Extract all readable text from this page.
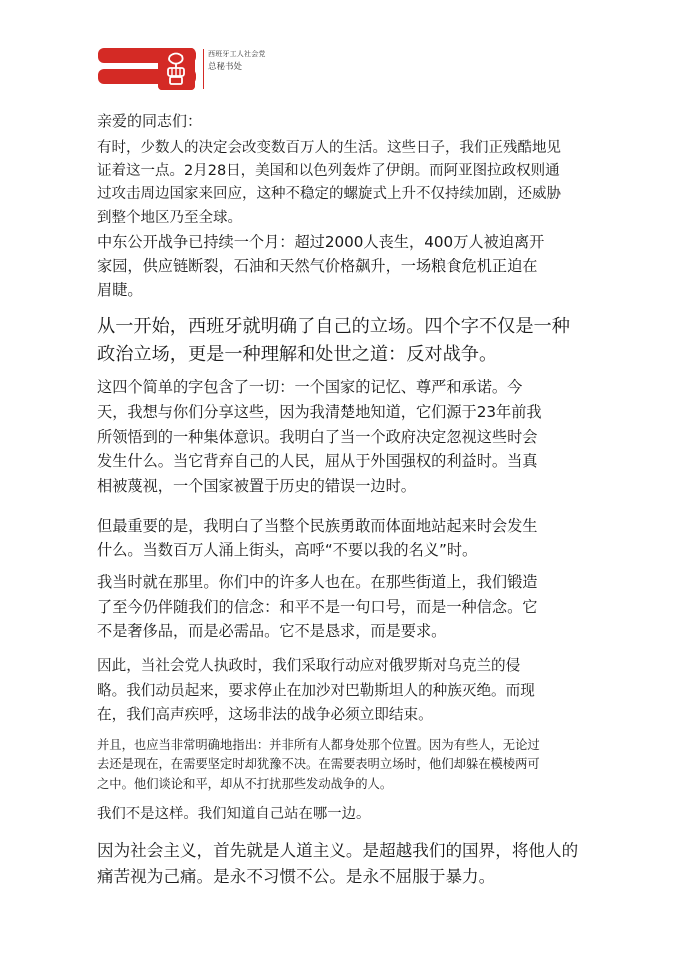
西班牙工人社会党
总秘书处

亲爱的同志们：

有时，少数人的决定会改变数百万人的生活。这些日子，我们正残酷地见
证着这一点。2月28日，美国和以色列轰炸了伊朗。而阿亚图拉政权则通
过攻击周边国家来回应，这种不稳定的螺旋式上升不仅持续加剧，还威胁
到整个地区乃至全球。

中东公开战争已持续一个月：超过2000人丧生，400万人被迫离开
家园，供应链断裂，石油和天然气价格飙升，一场粮食危机正迫在
眉睫。

从一开始，西班牙就明确了自己的立场。四个字不仅是一种
政治立场，更是一种理解和处世之道：反对战争。

这四个简单的字包含了一切：一个国家的记忆、尊严和承诺。今
天，我想与你们分享这些，因为我清楚地知道，它们源于23年前我
所领悟到的一种集体意识。我明白了当一个政府决定忽视这些时会
发生什么。当它背弃自己的人民，屈从于外国强权的利益时。当真
相被蔑视，一个国家被置于历史的错误一边时。

但最重要的是，我明白了当整个民族勇敢而体面地站起来时会发生
什么。当数百万人涌上街头，高呼“不要以我的名义”时。

我当时就在那里。你们中的许多人也在。在那些街道上，我们锻造
了至今仍伴随我们的信念：和平不是一句口号，而是一种信念。它
不是奢侈品，而是必需品。它不是恳求，而是要求。

因此，当社会党人执政时，我们采取行动应对俄罗斯对乌克兰的侵
略。我们动员起来，要求停止在加沙对巴勒斯坦人的种族灭绝。而现
在，我们高声疾呼，这场非法的战争必须立即结束。

并且，也应当非常明确地指出：并非所有人都身处那个位置。因为有些人，无论过
去还是现在，在需要坚定时却犹豫不决。在需要表明立场时，他们却躲在模棱两可
之中。他们谈论和平，却从不打扰那些发动战争的人。

我们不是这样。我们知道自己站在哪一边。

因为社会主义，首先就是人道主义。是超越我们的国界，将他人的
痛苦视为己痛。是永不习惯不公。是永不屈服于暴力。
